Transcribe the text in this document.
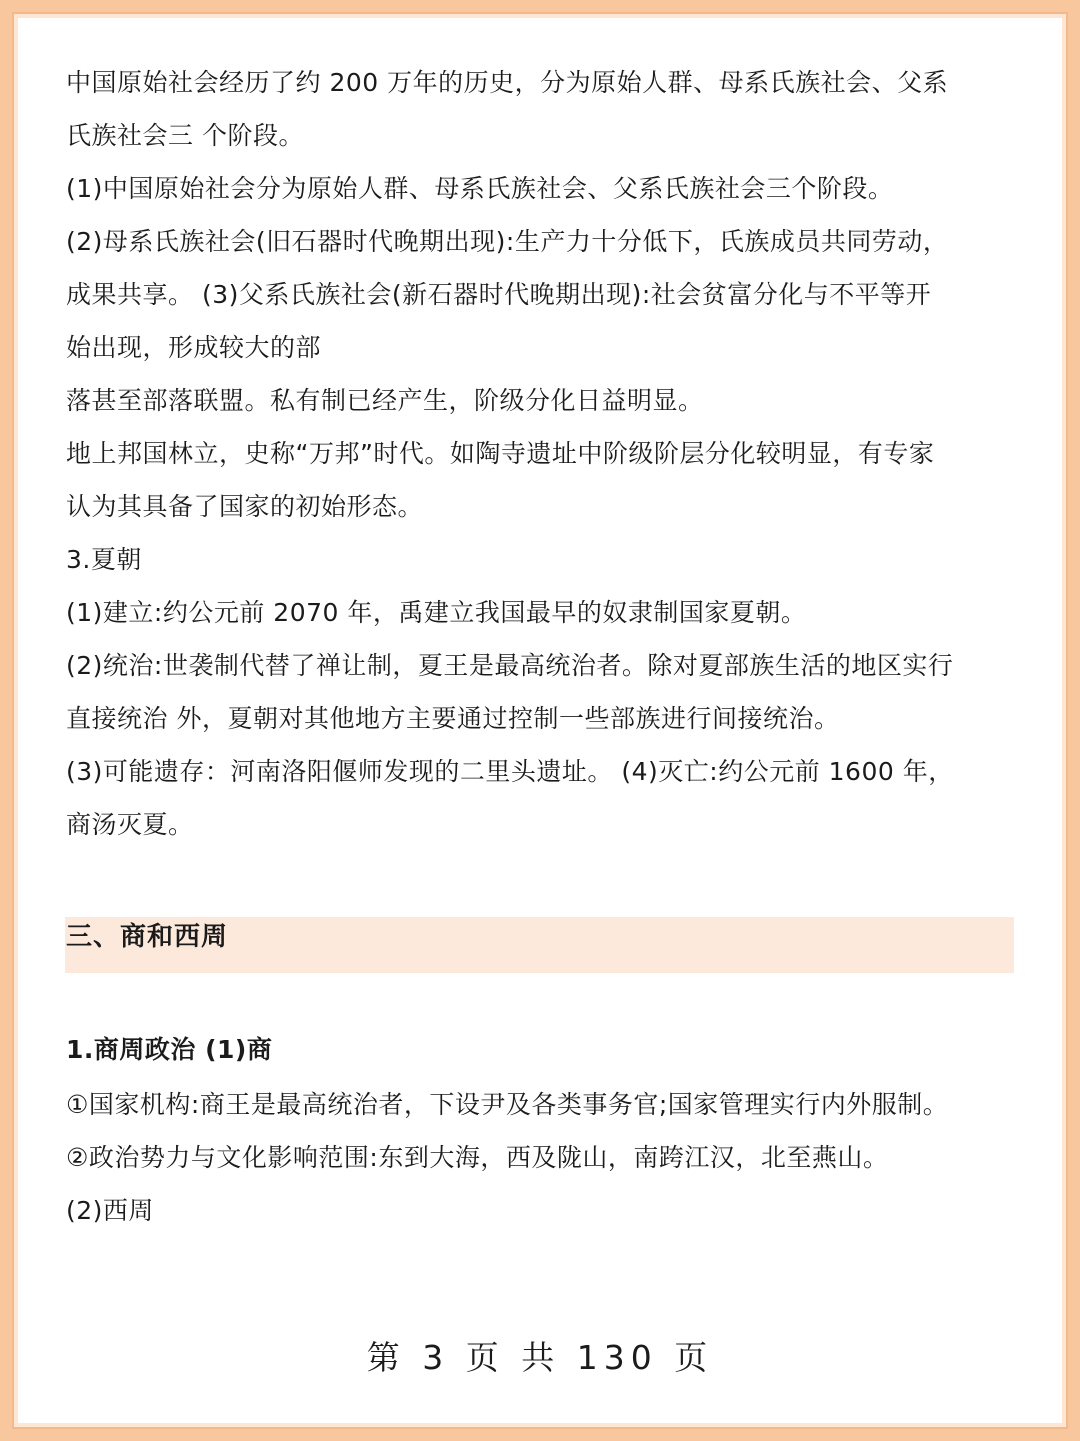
中国原始社会经历了约 200 万年的历史，分为原始人群、母系氏族社会、父系
氏族社会三 个阶段。
(1)中国原始社会分为原始人群、母系氏族社会、父系氏族社会三个阶段。
(2)母系氏族社会(旧石器时代晚期出现):生产力十分低下，氏族成员共同劳动，
成果共享。 (3)父系氏族社会(新石器时代晚期出现):社会贫富分化与不平等开
始出现，形成较大的部
落甚至部落联盟。私有制已经产生，阶级分化日益明显。
地上邦国林立，史称“万邦”时代。如陶寺遗址中阶级阶层分化较明显，有专家
认为其具备了国家的初始形态。
3.夏朝
(1)建立:约公元前 2070 年，禹建立我国最早的奴隶制国家夏朝。
(2)统治:世袭制代替了禅让制，夏王是最高统治者。除对夏部族生活的地区实行
直接统治 外，夏朝对其他地方主要通过控制一些部族进行间接统治。
(3)可能遗存：河南洛阳偃师发现的二里头遗址。 (4)灭亡:约公元前 1600 年，
商汤灭夏。
三、商和西周
1.商周政治 (1)商
①国家机构:商王是最高统治者，下设尹及各类事务官;国家管理实行内外服制。
②政治势力与文化影响范围:东到大海，西及陇山，南跨江汉，北至燕山。
(2)西周
第 3 页 共 130 页
